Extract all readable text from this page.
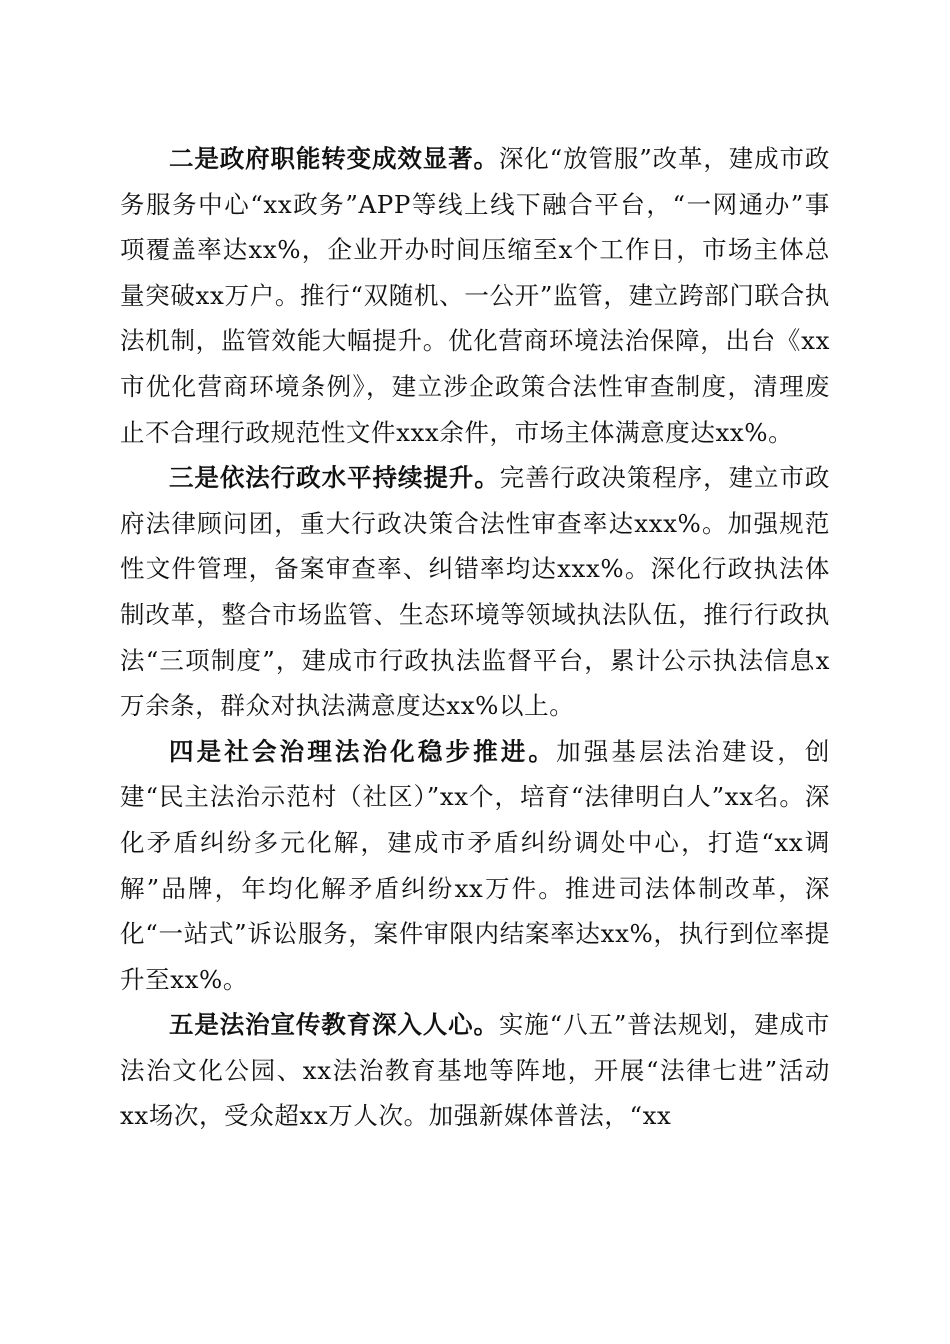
二是政府职能转变成效显著。深化“放管服”改革，建成市政务服务中心“xx政务”APP等线上线下融合平台，“一网通办”事项覆盖率达xx%，企业开办时间压缩至x个工作日，市场主体总量突破xx万户。推行“双随机、一公开”监管，建立跨部门联合执法机制，监管效能大幅提升。优化营商环境法治保障，出台《xx市优化营商环境条例》，建立涉企政策合法性审查制度，清理废止不合理行政规范性文件xxx余件，市场主体满意度达xx%。

三是依法行政水平持续提升。完善行政决策程序，建立市政府法律顾问团，重大行政决策合法性审查率达xxx%。加强规范性文件管理，备案审查率、纠错率均达xxx%。深化行政执法体制改革，整合市场监管、生态环境等领域执法队伍，推行行政执法“三项制度”，建成市行政执法监督平台，累计公示执法信息x万余条，群众对执法满意度达xx%以上。

四是社会治理法治化稳步推进。加强基层法治建设，创建“民主法治示范村（社区）”xx个，培育“法律明白人”xx名。深化矛盾纠纷多元化解，建成市矛盾纠纷调处中心，打造“xx调解”品牌，年均化解矛盾纠纷xx万件。推进司法体制改革，深化“一站式”诉讼服务，案件审限内结案率达xx%，执行到位率提升至xx%。

五是法治宣传教育深入人心。实施“八五”普法规划，建成市法治文化公园、xx法治教育基地等阵地，开展“法律七进”活动xx场次，受众超xx万人次。加强新媒体普法，“xx
